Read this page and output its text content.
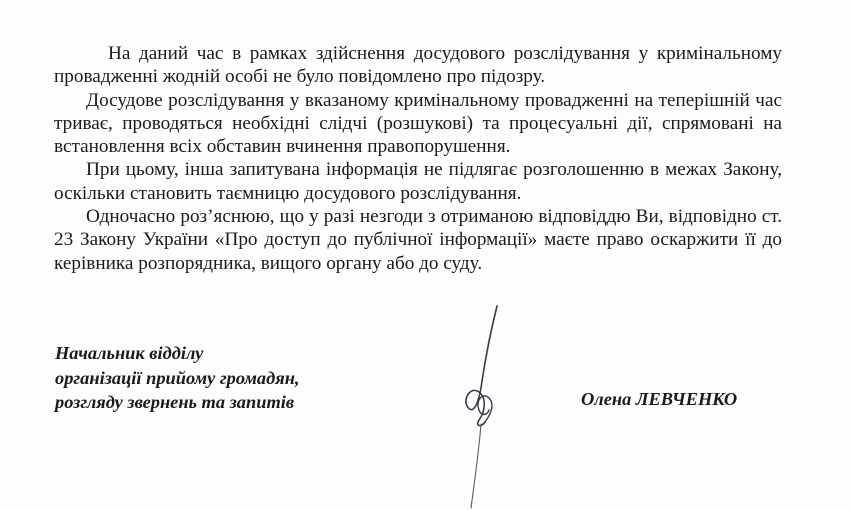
На даний час в рамках здійснення досудового розслідування у кримінальному провадженні жодній особі не було повідомлено про підозру.

Досудове розслідування у вказаному кримінальному провадженні на теперішній час триває, проводяться необхідні слідчі (розшукові) та процесуальні дії, спрямовані на встановлення всіх обставин вчинення правопорушення.

При цьому, інша запитувана інформація не підлягає розголошенню в межах Закону, оскільки становить таємницю досудового розслідування.

Одночасно роз’яснюю, що у разі незгоди з отриманою відповіддю Ви, відповідно ст. 23 Закону України «Про доступ до публічної інформації» маєте право оскаржити її до керівника розпорядника, вищого органу або до суду.

Начальник відділу
організації прийому громадян,
розгляду звернень та запитів	Олена ЛЕВЧЕНКО
